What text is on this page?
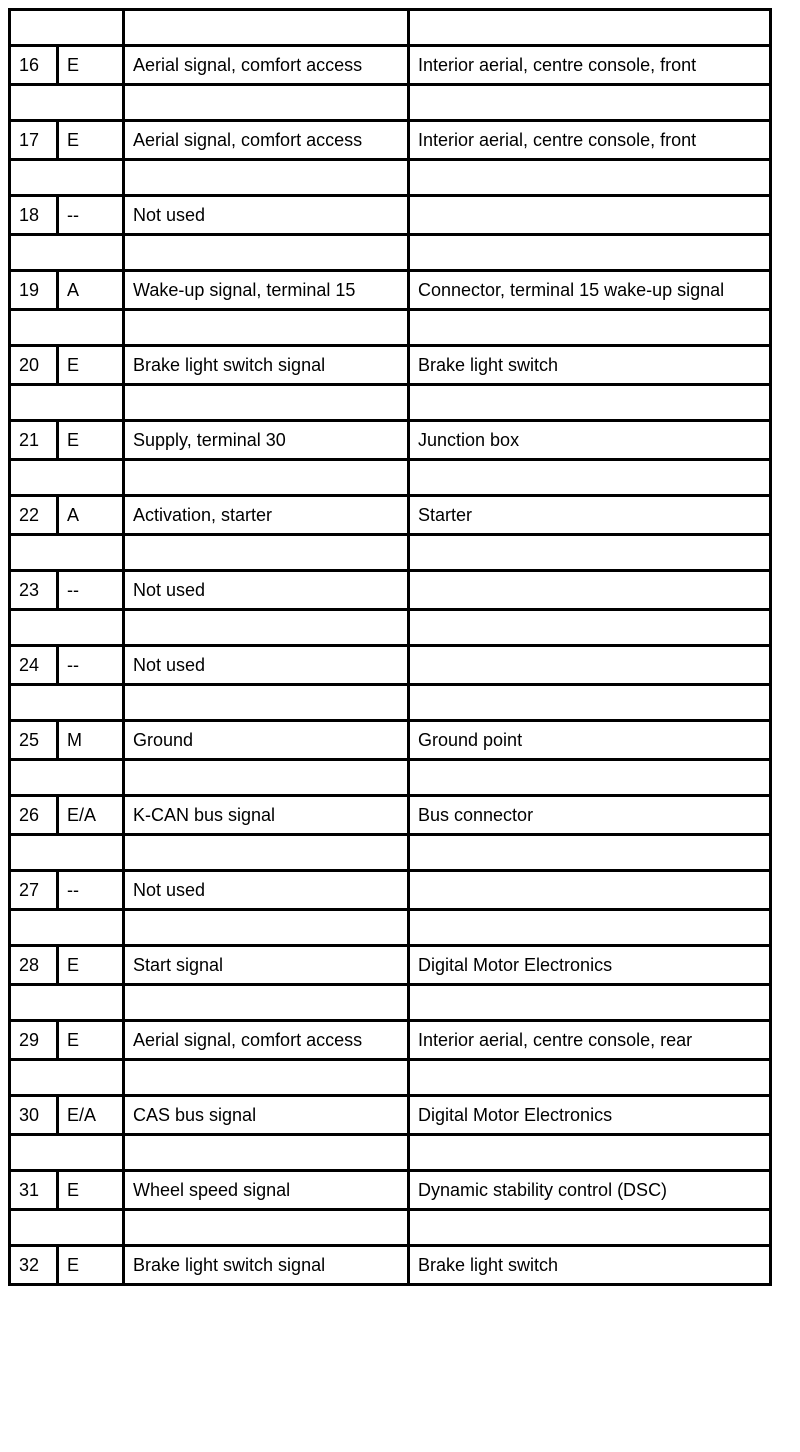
16	E	Aerial signal, comfort access	Interior aerial, centre console, front

17	E	Aerial signal, comfort access	Interior aerial, centre console, front

18	--	Not used	

19	A	Wake-up signal, terminal 15	Connector, terminal 15 wake-up signal

20	E	Brake light switch signal	Brake light switch

21	E	Supply, terminal 30	Junction box

22	A	Activation, starter	Starter

23	--	Not used	

24	--	Not used	

25	M	Ground	Ground point

26	E/A	K-CAN bus signal	Bus connector

27	--	Not used	

28	E	Start signal	Digital Motor Electronics

29	E	Aerial signal, comfort access	Interior aerial, centre console, rear

30	E/A	CAS bus signal	Digital Motor Electronics

31	E	Wheel speed signal	Dynamic stability control (DSC)

32	E	Brake light switch signal	Brake light switch
